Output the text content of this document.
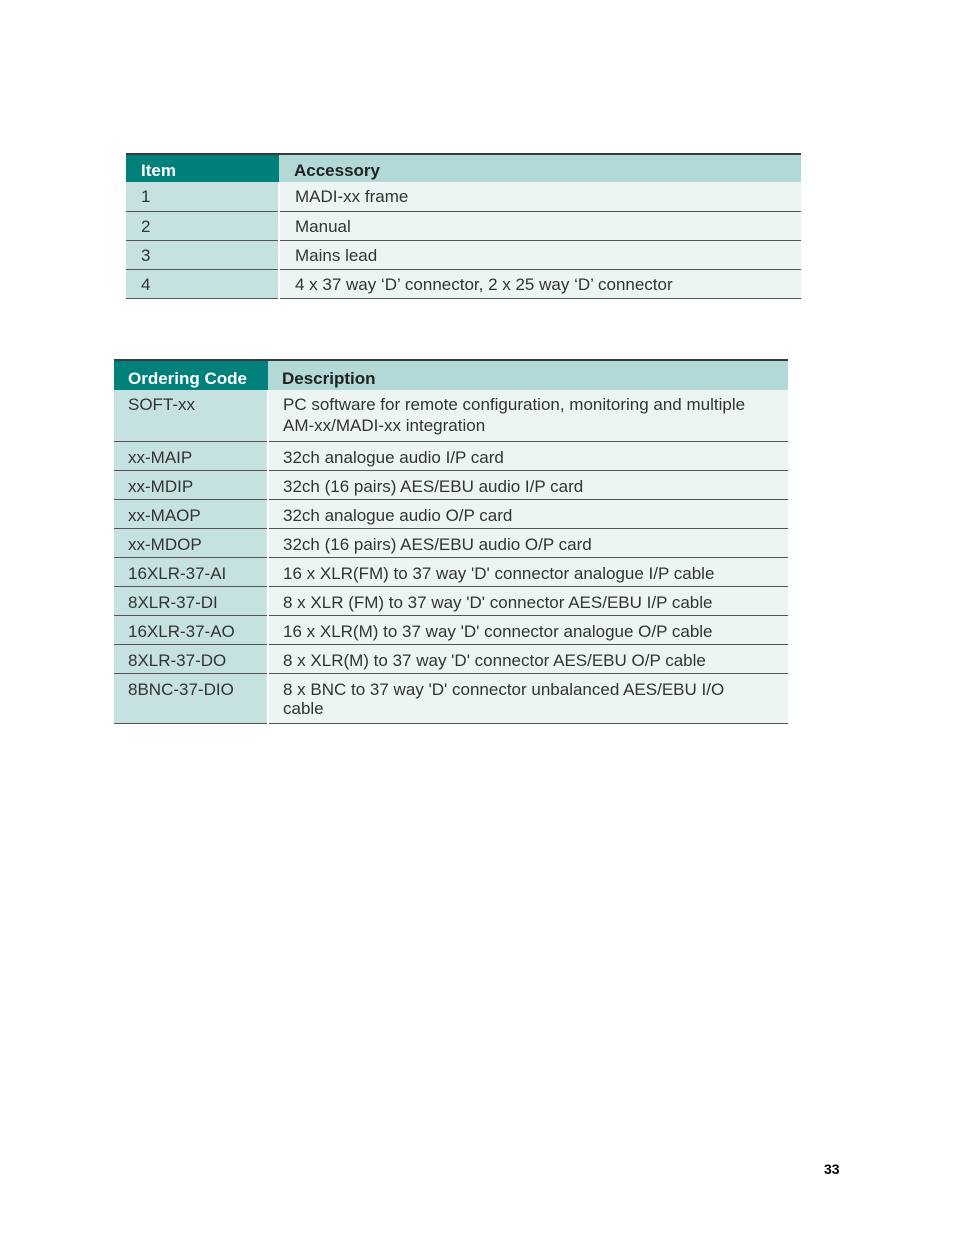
Item	Accessory
1	MADI-xx frame
2	Manual
3	Mains lead
4	4 x 37 way ‘D’ connector, 2 x 25 way ‘D’ connector
Ordering Code	Description
SOFT-xx	PC software for remote configuration, monitoring and multiple
AM-xx/MADI-xx integration
xx-MAIP	32ch analogue audio I/P card
xx-MDIP	32ch (16 pairs) AES/EBU audio I/P card
xx-MAOP	32ch analogue audio O/P card
xx-MDOP	32ch (16 pairs) AES/EBU audio O/P card
16XLR-37-AI	16 x XLR(FM) to 37 way 'D' connector analogue I/P cable
8XLR-37-DI	8 x XLR (FM) to 37 way 'D' connector AES/EBU I/P cable
16XLR-37-AO	16 x XLR(M) to 37 way 'D' connector analogue O/P cable
8XLR-37-DO	8 x XLR(M) to 37 way 'D' connector AES/EBU O/P cable
8BNC-37-DIO	8 x BNC to 37 way 'D' connector unbalanced AES/EBU I/O
cable
33
